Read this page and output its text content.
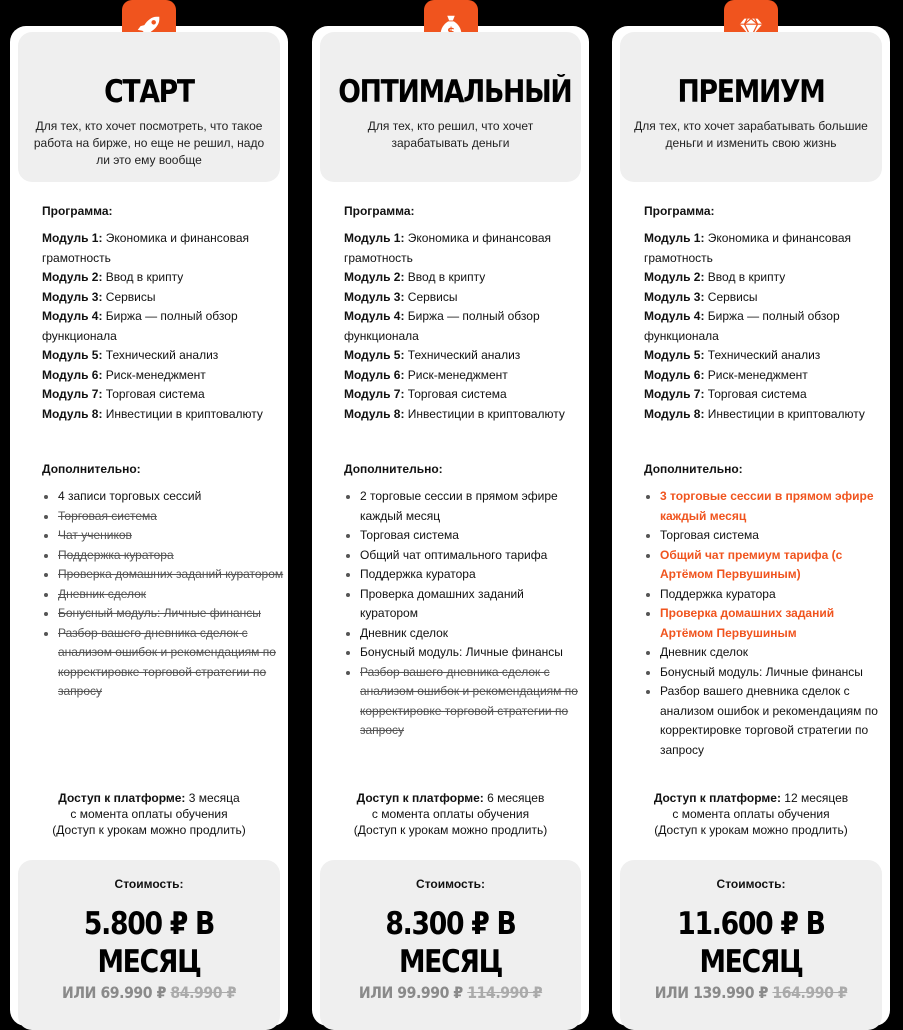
СТАРТ
Для тех, кто хочет посмотреть, что такое работа на бирже, но еще не решил, надо ли это ему вообще
Программа:
Модуль 1: Экономика и финансовая грамотность
Модуль 2: Ввод в крипту
Модуль 3: Сервисы
Модуль 4: Биржа — полный обзор функционала
Модуль 5: Технический анализ
Модуль 6: Риск-менеджмент
Модуль 7: Торговая система
Модуль 8: Инвестиции в криптовалюту
Дополнительно:
4 записи торговых сессий
Торговая система
Чат учеников
Поддержка куратора
Проверка домашних заданий куратором
Дневник сделок
Бонусный модуль: Личные финансы
Разбор вашего дневника сделок с анализом ошибок и рекомендациям по корректировке торговой стратегии по запросу
Доступ к платформе: 3 месяца
с момента оплаты обучения
(Доступ к урокам можно продлить)
Стоимость:
5.800 ₽ В МЕСЯЦ
ИЛИ 69.990 ₽ 84.990 ₽
ОПТИМАЛЬНЫЙ
Для тех, кто решил, что хочет зарабатывать деньги
Программа:
Модуль 1: Экономика и финансовая грамотность
Модуль 2: Ввод в крипту
Модуль 3: Сервисы
Модуль 4: Биржа — полный обзор функционала
Модуль 5: Технический анализ
Модуль 6: Риск-менеджмент
Модуль 7: Торговая система
Модуль 8: Инвестиции в криптовалюту
Дополнительно:
2 торговые сессии в прямом эфире каждый месяц
Торговая система
Общий чат оптимального тарифа
Поддержка куратора
Проверка домашних заданий куратором
Дневник сделок
Бонусный модуль: Личные финансы
Разбор вашего дневника сделок с анализом ошибок и рекомендациям по корректировке торговой стратегии по запросу
Доступ к платформе: 6 месяцев
с момента оплаты обучения
(Доступ к урокам можно продлить)
Стоимость:
8.300 ₽ В МЕСЯЦ
ИЛИ 99.990 ₽ 114.990 ₽
ПРЕМИУМ
Для тех, кто хочет зарабатывать большие деньги и изменить свою жизнь
Программа:
Модуль 1: Экономика и финансовая грамотность
Модуль 2: Ввод в крипту
Модуль 3: Сервисы
Модуль 4: Биржа — полный обзор функционала
Модуль 5: Технический анализ
Модуль 6: Риск-менеджмент
Модуль 7: Торговая система
Модуль 8: Инвестиции в криптовалюту
Дополнительно:
3 торговые сессии в прямом эфире каждый месяц
Торговая система
Общий чат премиум тарифа (с Артёмом Первушиным)
Поддержка куратора
Проверка домашних заданий Артёмом Первушиным
Дневник сделок
Бонусный модуль: Личные финансы
Разбор вашего дневника сделок с анализом ошибок и рекомендациям по корректировке торговой стратегии по запросу
Доступ к платформе: 12 месяцев
с момента оплаты обучения
(Доступ к урокам можно продлить)
Стоимость:
11.600 ₽ В МЕСЯЦ
ИЛИ 139.990 ₽ 164.990 ₽
